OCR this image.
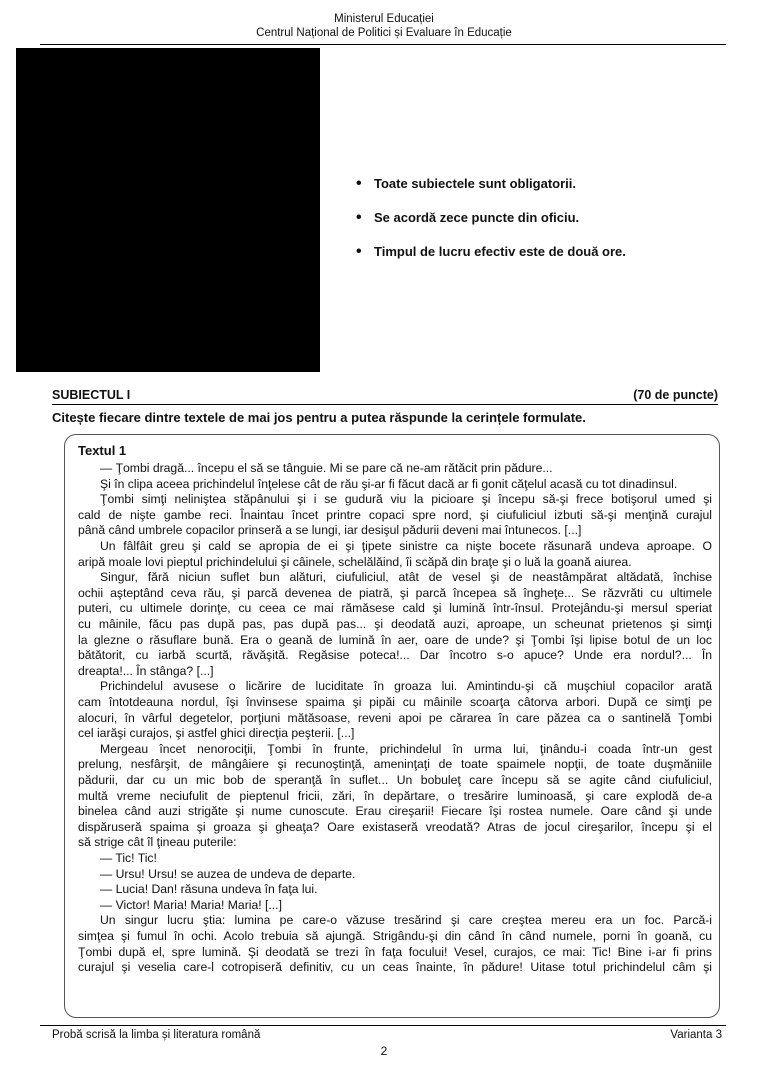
Ministerul Educației
Centrul Național de Politici și Evaluare în Educație
• Toate subiectele sunt obligatorii.
• Se acordă zece puncte din oficiu.
• Timpul de lucru efectiv este de două ore.
SUBIECTUL I	(70 de puncte)
Citește fiecare dintre textele de mai jos pentru a putea răspunde la cerințele formulate.
Textul 1
— Ţombi dragă... începu el să se tânguie. Mi se pare că ne-am rătăcit prin pădure...
Şi în clipa aceea prichindelul înţelese cât de rău şi-ar fi făcut dacă ar fi gonit căţelul acasă cu tot dinadinsul.
Ţombi simţi neliniştea stăpânului şi i se gudură viu la picioare şi începu să-şi frece botişorul umed şi
cald de nişte gambe reci. Înaintau încet printre copaci spre nord, şi ciufuliciul izbuti să-şi menţină curajul
până când umbrele copacilor prinseră a se lungi, iar desişul pădurii deveni mai întunecos. [...]
Un fâlfâit greu şi cald se apropia de ei şi ţipete sinistre ca nişte bocete răsunară undeva aproape. O
aripă moale lovi pieptul prichindelului şi câinele, schelălăind, îi scăpă din braţe şi o luă la goană aiurea.
Singur, fără niciun suflet bun alături, ciufuliciul, atât de vesel şi de neastâmpărat altădată, închise
ochii aşteptând ceva rău, şi parcă devenea de piatră, şi parcă începea să îngheţe... Se răzvrăti cu ultimele
puteri, cu ultimele dorinţe, cu ceea ce mai rămăsese cald şi lumină într-însul. Protejându-şi mersul speriat
cu mâinile, făcu pas după pas, pas după pas... şi deodată auzi, aproape, un scheunat prietenos şi simţi
la glezne o răsuflare bună. Era o geană de lumină în aer, oare de unde? şi Ţombi îşi lipise botul de un loc
bătătorit, cu iarbă scurtă, răvăşită. Regăsise poteca!... Dar încotro s-o apuce? Unde era nordul?... În
dreapta!... În stânga? [...]
Prichindelul avusese o licărire de luciditate în groaza lui. Amintindu-şi că muşchiul copacilor arată
cam întotdeauna nordul, îşi învinsese spaima şi pipăi cu mâinile scoarţa câtorva arbori. După ce simţi pe
alocuri, în vârful degetelor, porţiuni mătăsoase, reveni apoi pe cărarea în care păzea ca o santinelă Ţombi
cel iarăşi curajos, şi astfel ghici direcţia peşterii. [...]
Mergeau încet nenorociţii, Ţombi în frunte, prichindelul în urma lui, ţinându-i coada într-un gest
prelung, nesfârşit, de mângâiere şi recunoştinţă, ameninţaţi de toate spaimele nopţii, de toate duşmăniile
pădurii, dar cu un mic bob de speranţă în suflet... Un bobuleţ care începu să se agite când ciufuliciul,
multă vreme neciufulit de pieptenul fricii, zări, în depărtare, o tresărire luminoasă, şi care explodă de-a
binelea când auzi strigăte şi nume cunoscute. Erau cireşarii! Fiecare îşi rostea numele. Oare când şi unde
dispăruseră spaima şi groaza şi gheaţa? Oare existaseră vreodată? Atras de jocul cireşarilor, începu şi el
să strige cât îl ţineau puterile:
— Tic! Tic!
— Ursu! Ursu! se auzea de undeva de departe.
— Lucia! Dan! răsuna undeva în faţa lui.
— Victor! Maria! Maria! Maria! [...]
Un singur lucru ştia: lumina pe care-o văzuse tresărind şi care creştea mereu era un foc. Parcă-i
simţea şi fumul în ochi. Acolo trebuia să ajungă. Strigându-şi din când în când numele, porni în goană, cu
Ţombi după el, spre lumină. Şi deodată se trezi în faţa focului! Vesel, curajos, ce mai: Tic! Bine i-ar fi prins
curajul şi veselia care-l cotropiseră definitiv, cu un ceas înainte, în pădure! Uitase totul prichindelul câm şi
Probă scrisă la limba și literatura română	Varianta 3
2
